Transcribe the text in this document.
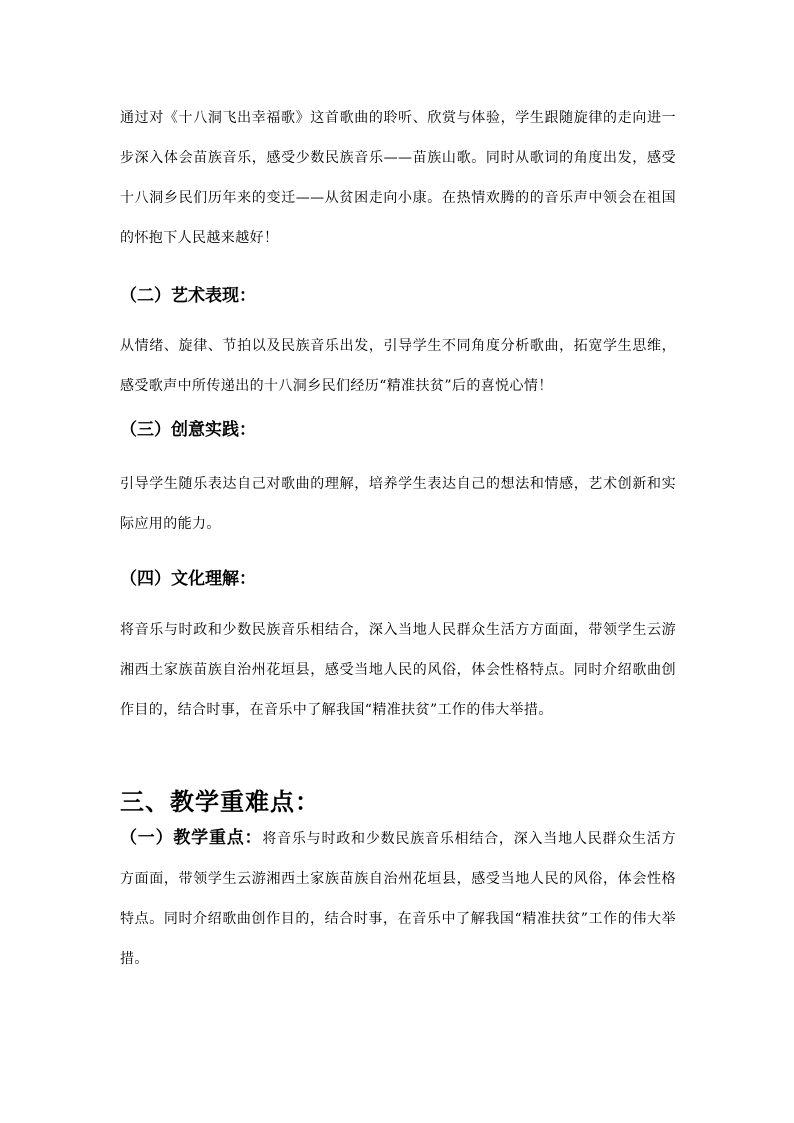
通过对《十八洞飞出幸福歌》这首歌曲的聆听、欣赏与体验，学生跟随旋律的走向进一步深入体会苗族音乐，感受少数民族音乐——苗族山歌。同时从歌词的角度出发，感受十八洞乡民们历年来的变迁——从贫困走向小康。在热情欢腾的的音乐声中领会在祖国的怀抱下人民越来越好！
（二）艺术表现：
从情绪、旋律、节拍以及民族音乐出发，引导学生不同角度分析歌曲，拓宽学生思维，感受歌声中所传递出的十八洞乡民们经历“精准扶贫”后的喜悦心情！
（三）创意实践：
引导学生随乐表达自己对歌曲的理解，培养学生表达自己的想法和情感，艺术创新和实际应用的能力。
（四）文化理解：
将音乐与时政和少数民族音乐相结合，深入当地人民群众生活方方面面，带领学生云游湘西土家族苗族自治州花垣县，感受当地人民的风俗，体会性格特点。同时介绍歌曲创作目的，结合时事，在音乐中了解我国“精准扶贫”工作的伟大举措。
三、教学重难点：
（一）教学重点：将音乐与时政和少数民族音乐相结合，深入当地人民群众生活方方面面，带领学生云游湘西土家族苗族自治州花垣县，感受当地人民的风俗，体会性格特点。同时介绍歌曲创作目的，结合时事，在音乐中了解我国“精准扶贫”工作的伟大举措。
